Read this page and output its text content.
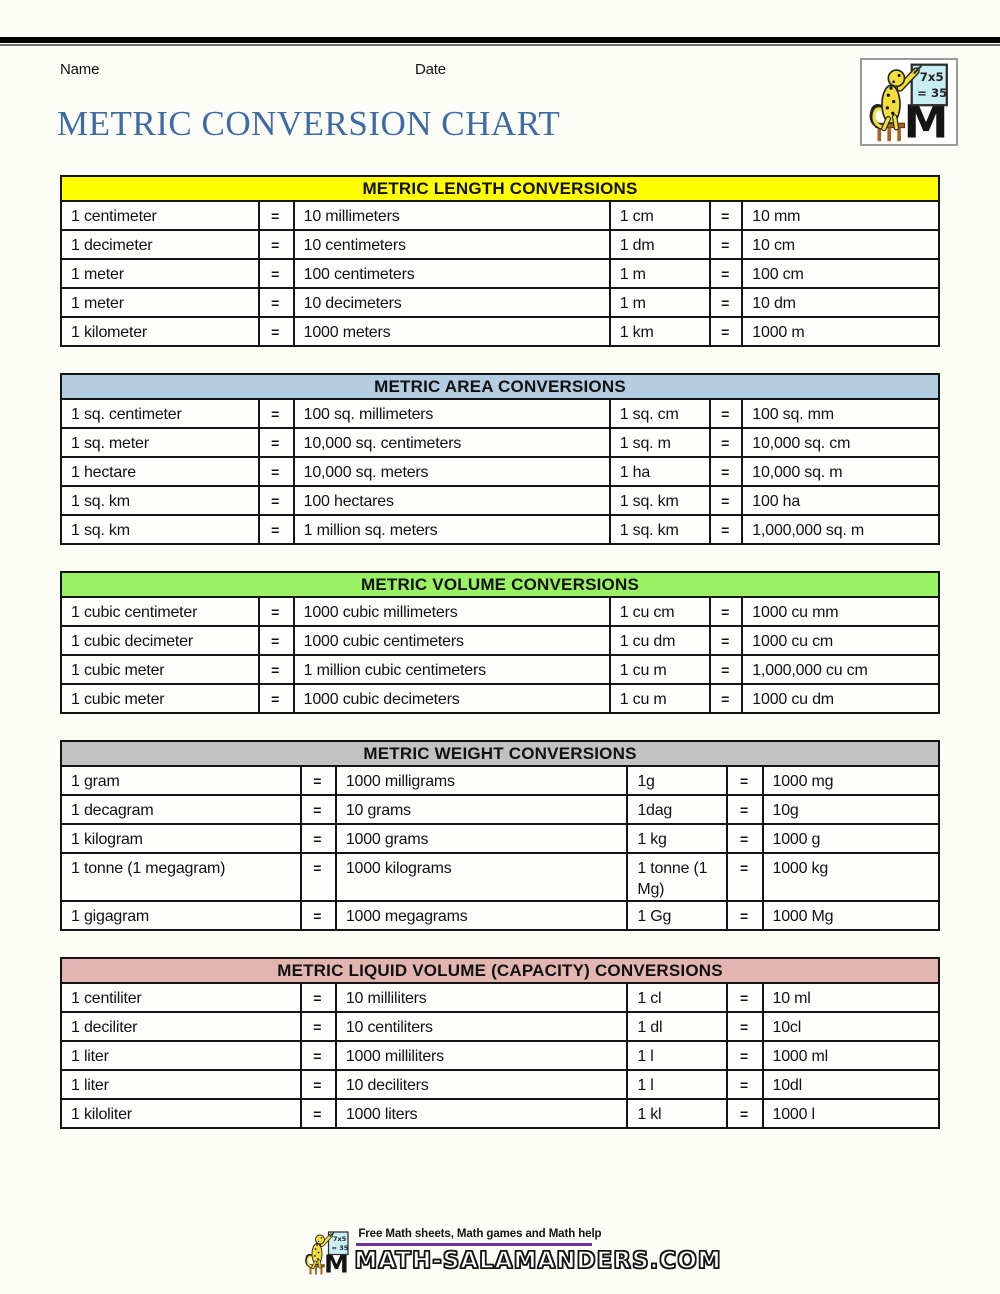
Name	Date
METRIC CONVERSION CHART
METRIC LENGTH CONVERSIONS					
1 centimeter	=	10 millimeters	1 cm	=	10 mm
1 decimeter	=	10 centimeters	1 dm	=	10 cm
1 meter	=	100 centimeters	1 m	=	100 cm
1 meter	=	10 decimeters	1 m	=	10 dm
1 kilometer	=	1000 meters	1 km	=	1000 m
METRIC AREA CONVERSIONS					
1 sq. centimeter	=	100 sq. millimeters	1 sq. cm	=	100 sq. mm
1 sq. meter	=	10,000 sq. centimeters	1 sq. m	=	10,000 sq. cm
1 hectare	=	10,000 sq. meters	1 ha	=	10,000 sq. m
1 sq. km	=	100 hectares	1 sq. km	=	100 ha
1 sq. km	=	1 million sq. meters	1 sq. km	=	1,000,000 sq. m
METRIC VOLUME CONVERSIONS					
1 cubic centimeter	=	1000 cubic millimeters	1 cu cm	=	1000 cu mm
1 cubic decimeter	=	1000 cubic centimeters	1 cu dm	=	1000 cu cm
1 cubic meter	=	1 million cubic centimeters	1 cu m	=	1,000,000 cu cm
1 cubic meter	=	1000 cubic decimeters	1 cu m	=	1000 cu dm
METRIC WEIGHT CONVERSIONS					
1 gram	=	1000 milligrams	1g	=	1000 mg
1 decagram	=	10 grams	1dag	=	10g
1 kilogram	=	1000 grams	1 kg	=	1000 g
1 tonne (1 megagram)	=	1000 kilograms	1 tonne (1 Mg)	=	1000 kg
1 gigagram	=	1000 megagrams	1 Gg	=	1000 Mg
METRIC LIQUID VOLUME (CAPACITY) CONVERSIONS					
1 centiliter	=	10 milliliters	1 cl	=	10 ml
1 deciliter	=	10 centiliters	1 dl	=	10cl
1 liter	=	1000 milliliters	1 l	=	1000 ml
1 liter	=	10 deciliters	1 l	=	10dl
1 kiloliter	=	1000 liters	1 kl	=	1000 l
Free Math sheets, Math games and Math help
MATH-SALAMANDERS.COM
